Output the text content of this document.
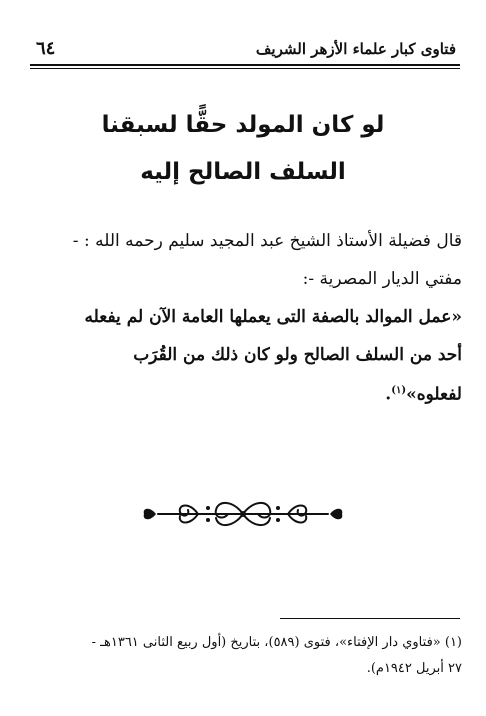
فتاوى كبار علماء الأزهر الشريف
٦٤
لو كان المولد حقًّا لسبقنا
السلف الصالح إليه
قال فضيلة الأستاذ الشيخ عبد المجيد سليم رحمه الله : -
مفتي الديار المصرية -:
«عمل الموالد بالصفة التى يعملها العامة الآن لم يفعله
أحد من السلف الصالح ولو كان ذلك من القُرَب
لفعلوه»$^{(١)}$.
(١) «فتاوي دار الإفتاء»، فتوى (٥٨٩)، بتاريخ (أول ربيع الثانى ١٣٦١هـ -
٢٧ أبريل ١٩٤٢م).
